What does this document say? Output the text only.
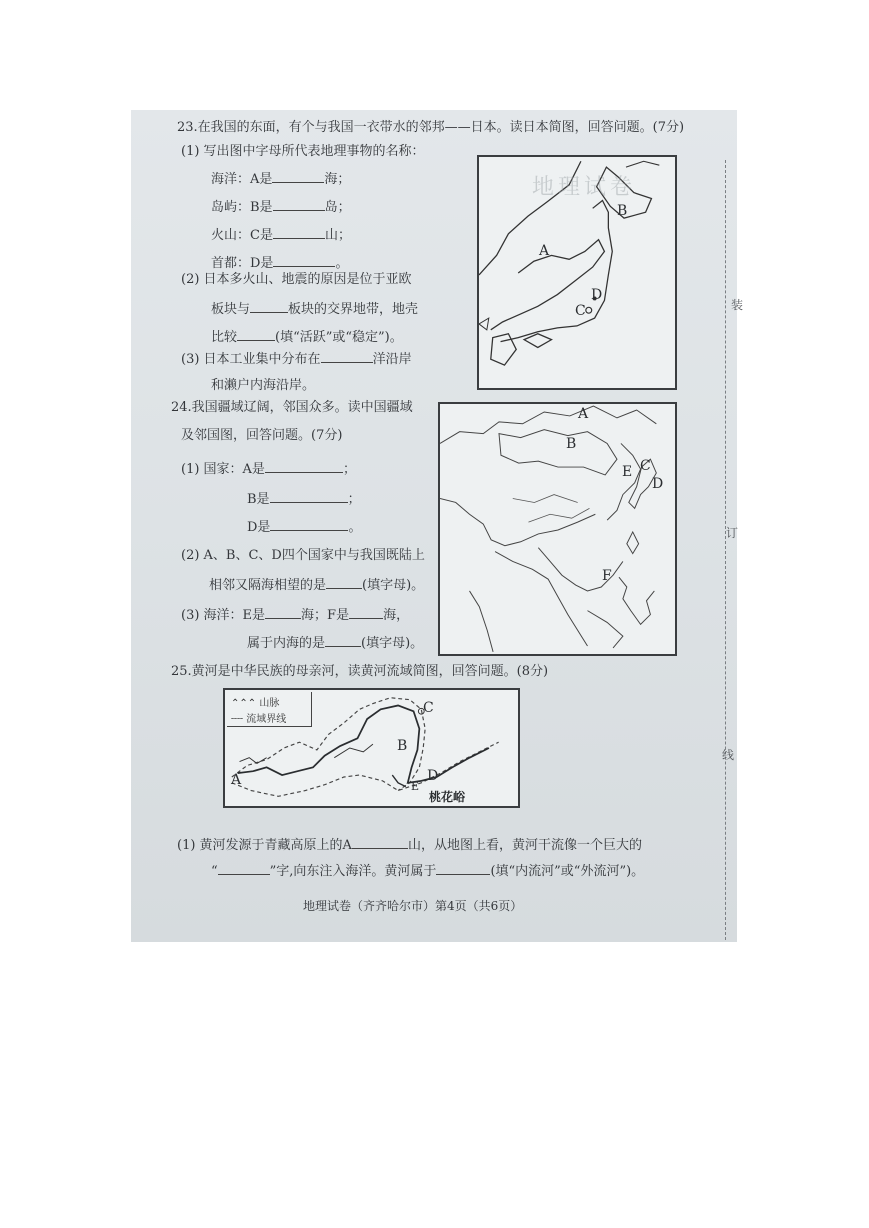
23.在我国的东面，有个与我国一衣带水的邻邦——日本。读日本简图，回答问题。(7分)
(1) 写出图中字母所代表地理事物的名称：
海洋：A是	海；
岛屿：B是	岛；
火山：C是	山；
首都：D是	。
(2) 日本多火山、地震的原因是位于亚欧
板块与	板块的交界地带，地壳
比较	(填“活跃”或“稳定”)。
(3) 日本工业集中分布在	洋沿岸
和濑户内海沿岸。
A
B
C
D
24.我国疆域辽阔，邻国众多。读中国疆域
及邻国图，回答问题。(7分)
(1) 国家：A是	；
B是	；
D是	。
(2) A、B、C、D四个国家中与我国既陆上
相邻又隔海相望的是	(填字母)。
(3) 海洋：E是	海；F是	海，
属于内海的是	(填字母)。
A
B
C
D
E
F
25.黄河是中华民族的母亲河，读黄河流域简图，回答问题。(8分)
⌃⌃⌃ 山脉
┄┄ 流域界线
A
B
C
D
E
桃花峪
(1) 黄河发源于青藏高原上的A	山，从地图上看，黄河干流像一个巨大的
“	”字,向东注入海洋。黄河属于	(填“内流河”或“外流河”)。
地理试卷（齐齐哈尔市）第4页（共6页）
装
订
线
地理试卷
